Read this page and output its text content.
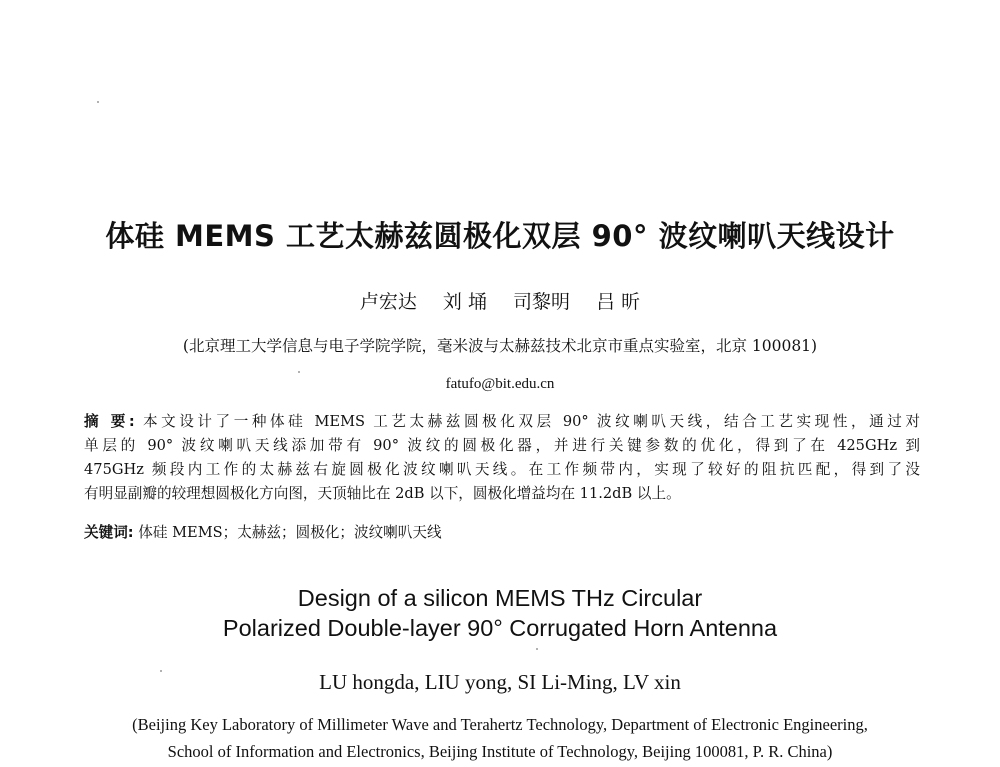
体硅 MEMS 工艺太赫兹圆极化双层 90° 波纹喇叭天线设计
卢宏达 刘 埇 司黎明 吕 昕
(北京理工大学信息与电子学院学院，毫米波与太赫兹技术北京市重点实验室，北京 100081)
fatufo@bit.edu.cn
摘 要: 本文设计了一种体硅 MEMS 工艺太赫兹圆极化双层 90° 波纹喇叭天线，结合工艺实现性，通过对
单层的 90° 波纹喇叭天线添加带有 90° 波纹的圆极化器，并进行关键参数的优化，得到了在 425GHz 到
475GHz 频段内工作的太赫兹右旋圆极化波纹喇叭天线。在工作频带内，实现了较好的阻抗匹配，得到了没
有明显副瓣的较理想圆极化方向图，天顶轴比在 2dB 以下，圆极化增益均在 11.2dB 以上。
关键词: 体硅 MEMS；太赫兹；圆极化；波纹喇叭天线
Design of a silicon MEMS THz Circular
Polarized Double-layer 90° Corrugated Horn Antenna
LU hongda, LIU yong, SI Li-Ming, LV xin
(Beijing Key Laboratory of Millimeter Wave and Terahertz Technology, Department of Electronic Engineering,
School of Information and Electronics, Beijing Institute of Technology, Beijing 100081, P. R. China)
